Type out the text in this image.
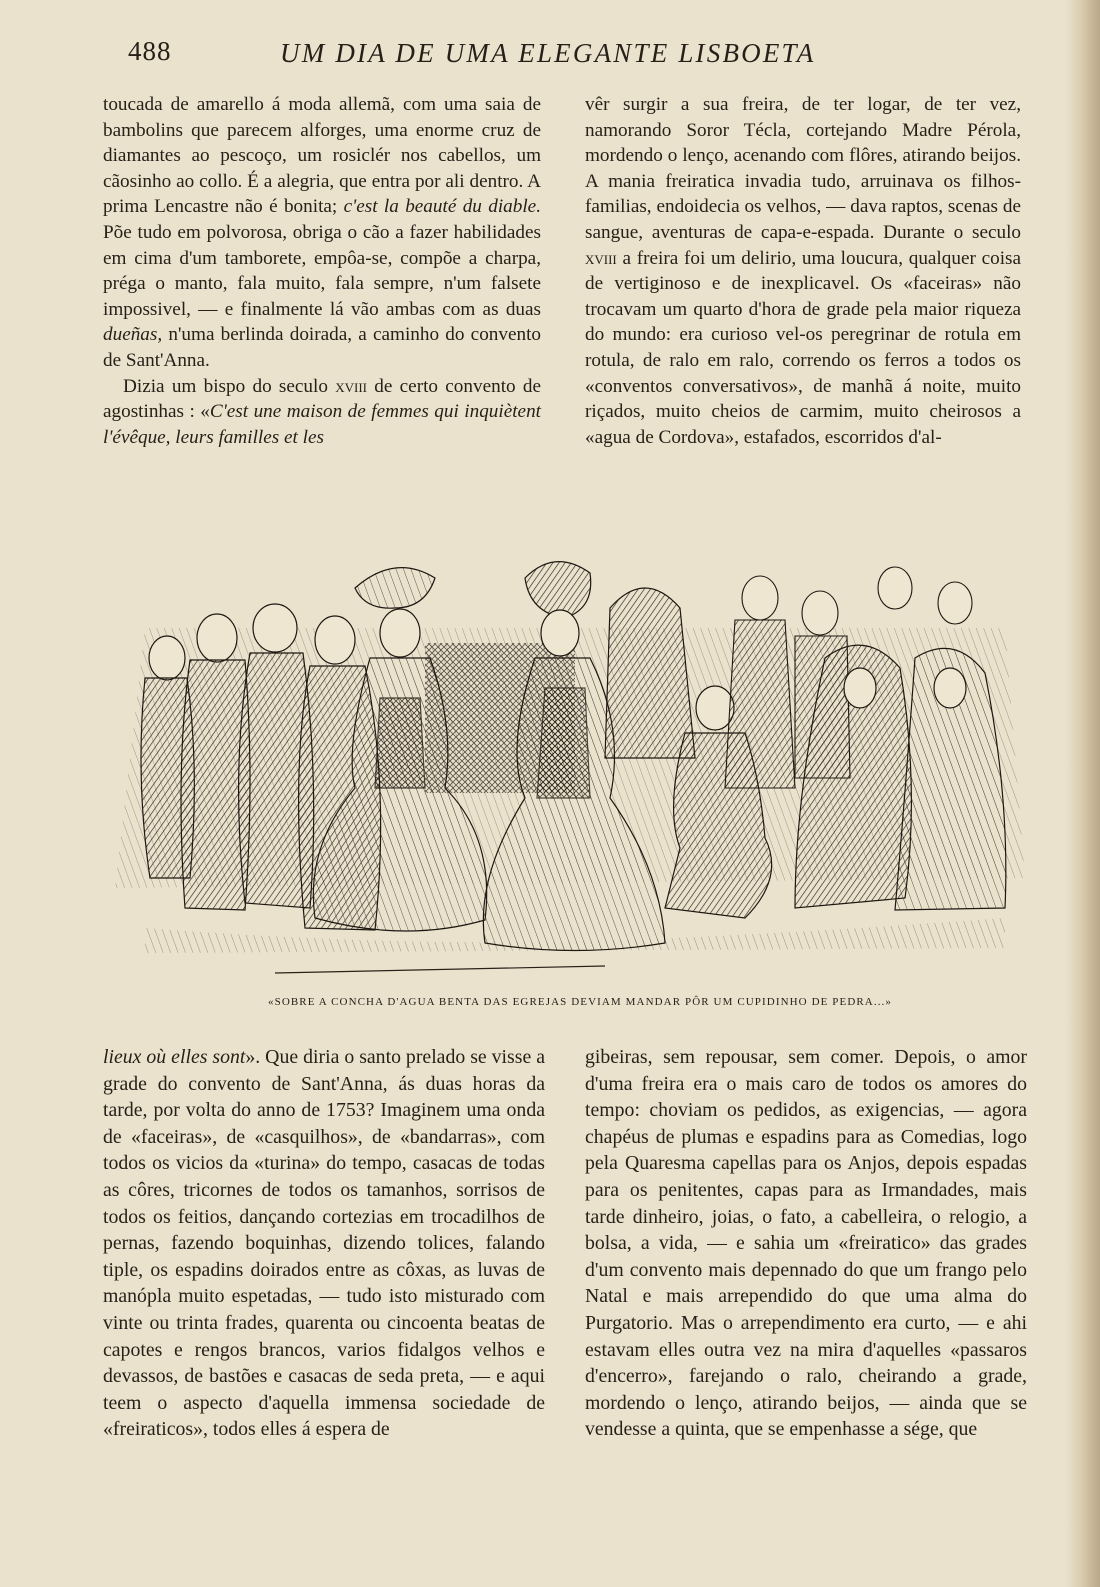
488	UM DIA DE UMA ELEGANTE LISBOETA

toucada de amarello á moda allemã, com uma saia de bambolins que parecem alforges, uma enorme cruz de diamantes ao pescoço, um rosiclér nos cabellos, um cãosinho ao collo. É a alegria, que entra por ali dentro. A prima Lencastre não é bonita; c'est la beauté du diable. Põe tudo em polvorosa, obriga o cão a fazer habilidades em cima d'um tamborete, empôa-se, compõe a charpa, préga o manto, fala muito, fala sempre, n'um falsete impossivel, — e finalmente lá vão ambas com as duas dueñas, n'uma berlinda doirada, a caminho do convento de Sant'Anna.

Dizia um bispo do seculo xviii de certo convento de agostinhas : «C'est une maison de femmes qui inquiètent l'évêque, leurs familles et les

vêr surgir a sua freira, de ter logar, de ter vez, namorando Soror Técla, cortejando Madre Pérola, mordendo o lenço, acenando com flôres, atirando beijos. A mania freiratica invadia tudo, arruinava os filhos-familias, endoidecia os velhos, — dava raptos, scenas de sangue, aventuras de capa-e-espada. Durante o seculo xviii a freira foi um delirio, uma loucura, qualquer coisa de vertiginoso e de inexplicavel. Os «faceiras» não trocavam um quarto d'hora de grade pela maior riqueza do mundo: era curioso vel-os peregrinar de rotula em rotula, de ralo em ralo, correndo os ferros a todos os «conventos conversativos», de manhã á noite, muito riçados, muito cheios de carmim, muito cheirosos a «agua de Cordova», estafados, escorridos d'al-

«SOBRE A CONCHA D'AGUA BENTA DAS EGREJAS DEVIAM MANDAR PÔR UM CUPIDINHO DE PEDRA...»

lieux où elles sont». Que diria o santo prelado se visse a grade do convento de Sant'Anna, ás duas horas da tarde, por volta do anno de 1753? Imaginem uma onda de «faceiras», de «casquilhos», de «bandarras», com todos os vicios da «turina» do tempo, casacas de todas as côres, tricornes de todos os tamanhos, sorrisos de todos os feitios, dançando cortezias em trocadilhos de pernas, fazendo boquinhas, dizendo tolices, falando tiple, os espadins doirados entre as côxas, as luvas de manópla muito espetadas, — tudo isto misturado com vinte ou trinta frades, quarenta ou cincoenta beatas de capotes e rengos brancos, varios fidalgos velhos e devassos, de bastões e casacas de seda preta, — e aqui teem o aspecto d'aquella immensa sociedade de «freiraticos», todos elles á espera de

gibeiras, sem repousar, sem comer. Depois, o amor d'uma freira era o mais caro de todos os amores do tempo: choviam os pedidos, as exigencias, — agora chapéus de plumas e espadins para as Comedias, logo pela Quaresma capellas para os Anjos, depois espadas para os penitentes, capas para as Irmandades, mais tarde dinheiro, joias, o fato, a cabelleira, o relogio, a bolsa, a vida, — e sahia um «freiratico» das grades d'um convento mais depennado do que um frango pelo Natal e mais arrependido do que uma alma do Purgatorio. Mas o arrependimento era curto, — e ahi estavam elles outra vez na mira d'aquelles «passaros d'encerro», farejando o ralo, cheirando a grade, mordendo o lenço, atirando beijos, — ainda que se vendesse a quinta, que se empenhasse a sége, que
